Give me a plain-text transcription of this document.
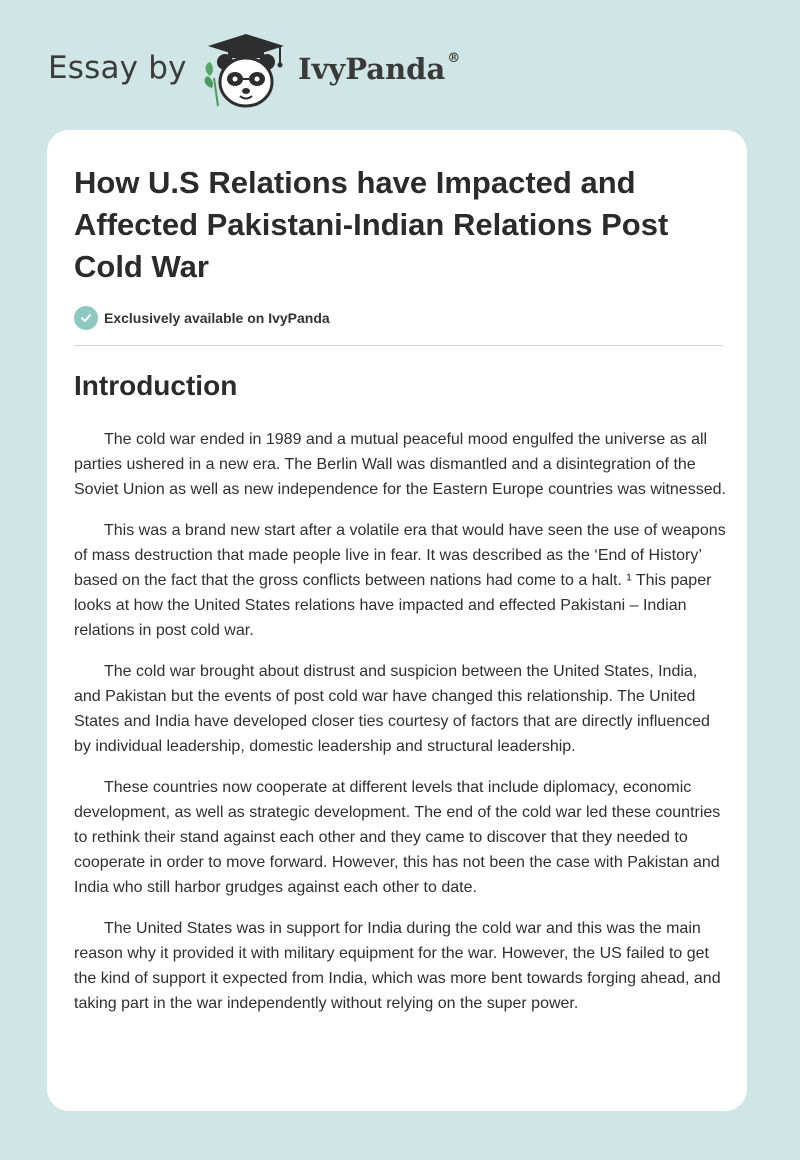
Essay by	IvyPanda ®
How U.S Relations have Impacted and Affected Pakistani-Indian Relations Post Cold War
Exclusively available on IvyPanda
Introduction

The cold war ended in 1989 and a mutual peaceful mood engulfed the universe as all parties ushered in a new era. The Berlin Wall was dismantled and a disintegration of the Soviet Union as well as new independence for the Eastern Europe countries was witnessed.

This was a brand new start after a volatile era that would have seen the use of weapons of mass destruction that made people live in fear. It was described as the ‘End of History’ based on the fact that the gross conflicts between nations had come to a halt. ¹ This paper looks at how the United States relations have impacted and effected Pakistani – Indian relations in post cold war.

The cold war brought about distrust and suspicion between the United States, India, and Pakistan but the events of post cold war have changed this relationship. The United States and India have developed closer ties courtesy of factors that are directly influenced by individual leadership, domestic leadership and structural leadership.

These countries now cooperate at different levels that include diplomacy, economic development, as well as strategic development. The end of the cold war led these countries to rethink their stand against each other and they came to discover that they needed to cooperate in order to move forward. However, this has not been the case with Pakistan and India who still harbor grudges against each other to date.

The United States was in support for India during the cold war and this was the main reason why it provided it with military equipment for the war. However, the US failed to get the kind of support it expected from India, which was more bent towards forging ahead, and taking part in the war independently without relying on the super power.
